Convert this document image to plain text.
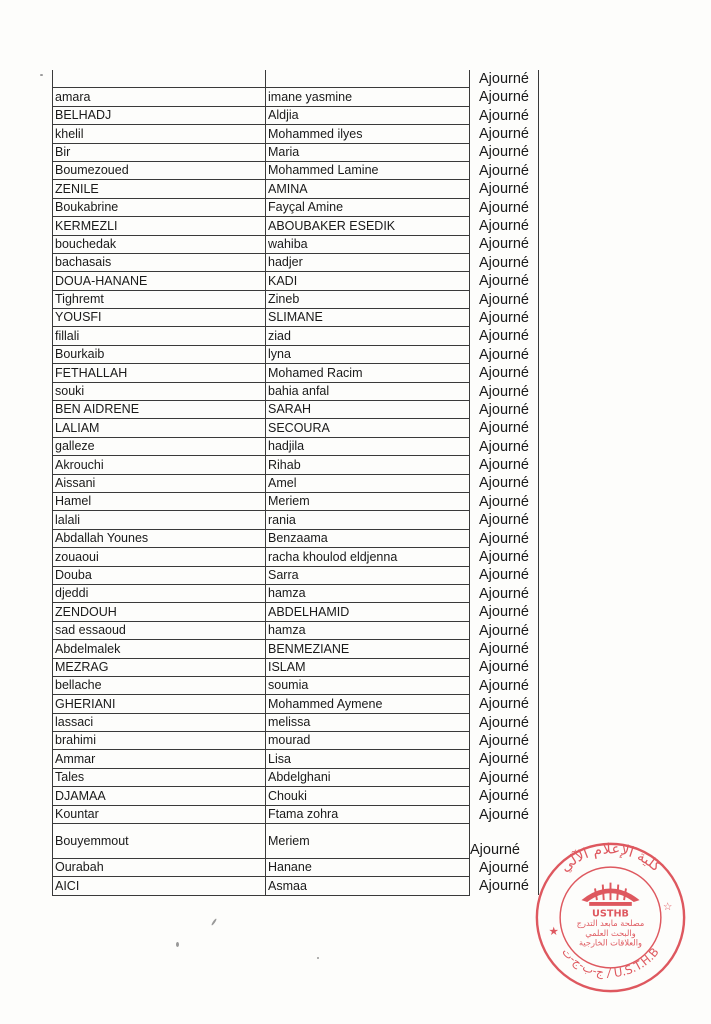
		Ajourné
amara	imane yasmine	Ajourné
BELHADJ	Aldjia	Ajourné
khelil	Mohammed ilyes	Ajourné
Bir	Maria	Ajourné
Boumezoued	Mohammed Lamine	Ajourné
ZENILE	AMINA	Ajourné
Boukabrine	Fayçal Amine	Ajourné
KERMEZLI	ABOUBAKER ESEDIK	Ajourné
bouchedak	wahiba	Ajourné
bachasais	hadjer	Ajourné
DOUA-HANANE	KADI	Ajourné
Tighremt	Zineb	Ajourné
YOUSFI	SLIMANE	Ajourné
fillali	ziad	Ajourné
Bourkaib	lyna	Ajourné
FETHALLAH	Mohamed Racim	Ajourné
souki	bahia anfal	Ajourné
BEN AIDRENE	SARAH	Ajourné
LALIAM	SECOURA	Ajourné
galleze	hadjila	Ajourné
Akrouchi	Rihab	Ajourné
Aissani	Amel	Ajourné
Hamel	Meriem	Ajourné
lalali	rania	Ajourné
Abdallah Younes	Benzaama	Ajourné
zouaoui	racha khoulod eldjenna	Ajourné
Douba	Sarra	Ajourné
djeddi	hamza	Ajourné
ZENDOUH	ABDELHAMID	Ajourné
sad essaoud	hamza	Ajourné
Abdelmalek	BENMEZIANE	Ajourné
MEZRAG	ISLAM	Ajourné
bellache	soumia	Ajourné
GHERIANI	Mohammed Aymene	Ajourné
lassaci	melissa	Ajourné
brahimi	mourad	Ajourné
Ammar	Lisa	Ajourné
Tales	Abdelghani	Ajourné
DJAMAA	Chouki	Ajourné
Kountar	Ftama zohra	Ajourné
Bouyemmout	Meriem	Ajourné
Ourabah	Hanane	Ajourné
AICI	Asmaa	Ajourné
كلية الإعلام الآلي
ج-ب-ج-ت / U.S.T.H.B
USTHB
مصلحة مابعد التدرج والبحث العلمي والعلاقات الخارجية
★
☆
